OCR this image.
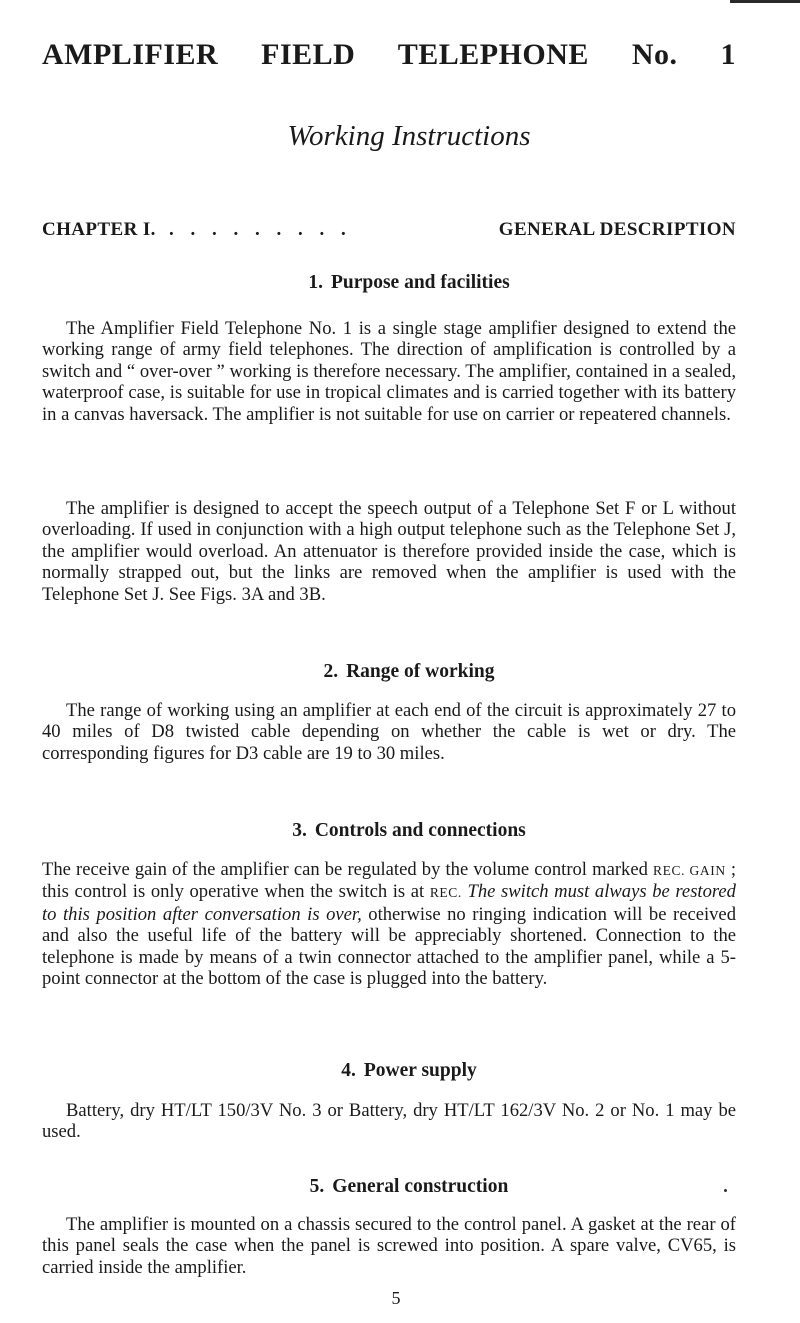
AMPLIFIER FIELD TELEPHONE No. 1
Working Instructions
CHAPTER I. . . . . . . . . .	GENERAL DESCRIPTION
1. Purpose and facilities

The Amplifier Field Telephone No. 1 is a single stage amplifier designed to extend the working range of army field telephones. The direction of amplification is controlled by a switch and “ over-over ” working is therefore necessary. The amplifier, contained in a sealed, waterproof case, is suitable for use in tropical climates and is carried together with its battery in a canvas haversack. The amplifier is not suitable for use on carrier or repeatered channels.

The amplifier is designed to accept the speech output of a Telephone Set F or L without overloading. If used in conjunction with a high output telephone such as the Telephone Set J, the amplifier would overload. An attenuator is therefore provided inside the case, which is normally strapped out, but the links are removed when the amplifier is used with the Telephone Set J. See Figs. 3A and 3B.

2. Range of working

The range of working using an amplifier at each end of the circuit is approximately 27 to 40 miles of D8 twisted cable depending on whether the cable is wet or dry. The corresponding figures for D3 cable are 19 to 30 miles.

3. Controls and connections

The receive gain of the amplifier can be regulated by the volume control marked REC. GAIN ; this control is only operative when the switch is at REC. The switch must always be restored to this position after conversation is over, otherwise no ringing indication will be received and also the useful life of the battery will be appreciably shortened. Connection to the telephone is made by means of a twin connector attached to the amplifier panel, while a 5-point connector at the bottom of the case is plugged into the battery.

4. Power supply

Battery, dry HT/LT 150/3V No. 3 or Battery, dry HT/LT 162/3V No. 2 or No. 1 may be used.

5. General construction

The amplifier is mounted on a chassis secured to the control panel. A gasket at the rear of this panel seals the case when the panel is screwed into position. A spare valve, CV65, is carried inside the amplifier.

5
